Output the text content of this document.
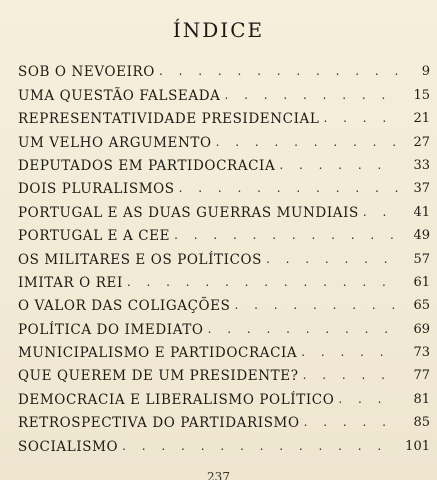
ÍNDICE
SOB O NEVOEIRO . . .	9
UMA QUESTÃO FALSEADA . . .	15
REPRESENTATIVIDADE PRESIDENCIAL . . .	21
UM VELHO ARGUMENTO . . .	27
DEPUTADOS EM PARTIDOCRACIA . . .	33
DOIS PLURALISMOS . . .	37
PORTUGAL E AS DUAS GUERRAS MUNDIAIS . . .	41
PORTUGAL E A CEE . . .	49
OS MILITARES E OS POLÍTICOS . . .	57
IMITAR O REI . . .	61
O VALOR DAS COLIGAÇÕES . . .	65
POLÍTICA DO IMEDIATO . . .	69
MUNICIPALISMO E PARTIDOCRACIA . . .	73
QUE QUEREM DE UM PRESIDENTE? . . .	77
DEMOCRACIA E LIBERALISMO POLÍTICO . . .	81
RETROSPECTIVA DO PARTIDARISMO . . .	85
SOCIALISMO . . .	101
237
